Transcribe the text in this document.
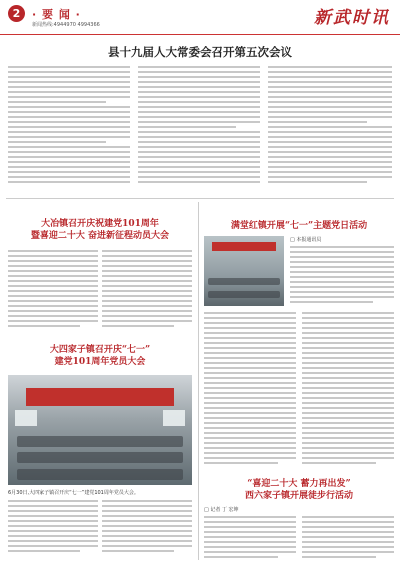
2	· 要 闻 ·
新闻热线:4944970 4994366	新武时讯
县十九届人大常委会召开第五次会议
大冶镇召开庆祝建党101周年
暨喜迎二十大 奋进新征程动员大会
大四家子镇召开庆“七一”
建党101周年党员大会
6月30日,大四家子镇召开庆“七一”建党101周年党员大会。
满堂红镇开展“七一”主题党日活动
□ 本报通讯员
“喜迎二十大 蓄力再出发”
西六家子镇开展徒步行活动
□ 记者 丁 宏坤
